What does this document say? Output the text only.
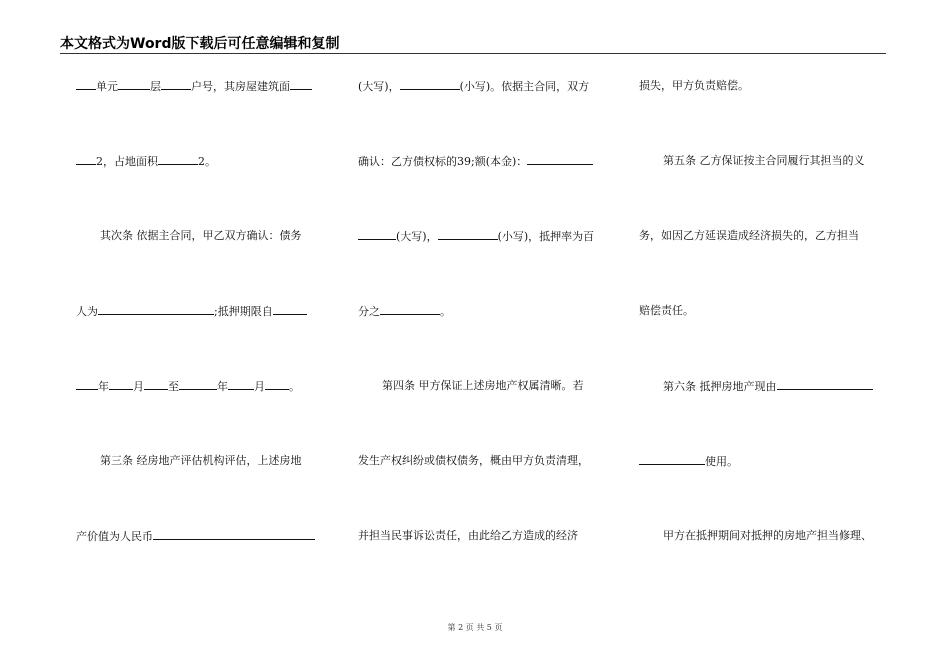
本文格式为Word版下载后可任意编辑和复制
单元	层	户号，其房屋建筑面
2，占地面积	2。
其次条 依据主合同，甲乙双方确认：债务
人为	;抵押期限自
年 月 至	年 月 。
第三条 经房地产评估机构评估，上述房地
产价值为人民币
(大写)，	(小写)。依据主合同，双方
确认：乙方债权标的39;额(本金)：
(大写)，	(小写)，抵押率为百
分之	。
第四条 甲方保证上述房地产权属清晰。若
发生产权纠纷或债权债务，概由甲方负责清理，
并担当民事诉讼责任，由此给乙方造成的经济
损失，甲方负责赔偿。
第五条 乙方保证按主合同履行其担当的义
务，如因乙方延误造成经济损失的，乙方担当
赔偿责任。
第六条 抵押房地产现由
使用。
甲方在抵押期间对抵押的房地产担当修理、
第 2 页 共 5 页
